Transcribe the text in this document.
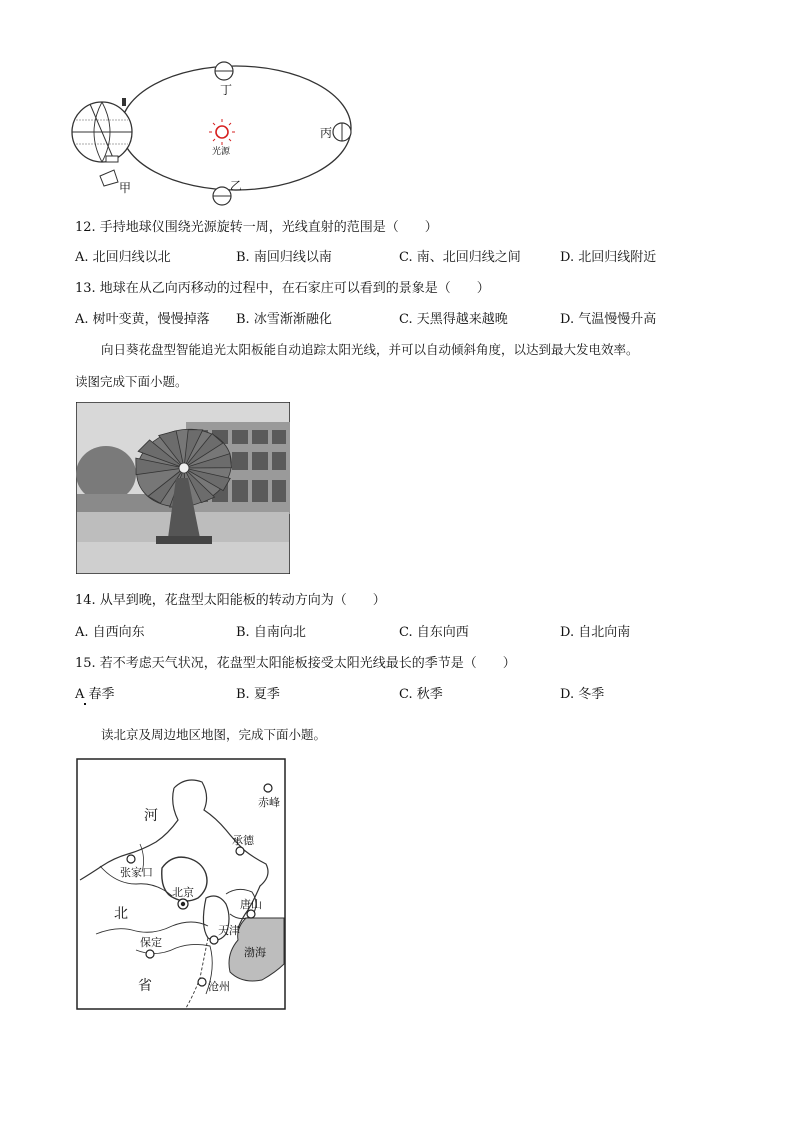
丁
丙
乙
光源
甲
12. 手持地球仪围绕光源旋转一周，光线直射的范围是（　　）
A. 北回归线以北	B. 南回归线以南	C. 南、北回归线之间	D. 北回归线附近
13. 地球在从乙向丙移动的过程中，在石家庄可以看到的景象是（　　）
A. 树叶变黄，慢慢掉落 B. 冰雪渐渐融化	C. 天黑得越来越晚	D. 气温慢慢升高
向日葵花盘型智能追光太阳板能自动追踪太阳光线，并可以自动倾斜角度，以达到最大发电效率。
读图完成下面小题。
14. 从早到晚，花盘型太阳能板的转动方向为（　　）
A. 自西向东	B. 自南向北	C. 自东向西	D. 自北向南
15. 若不考虑天气状况，花盘型太阳能板接受太阳光线最长的季节是（　　）
A 春季	B. 夏季	C. 秋季	D. 冬季
读北京及周边地区地图，完成下面小题。
赤峰
河
承德
张家口
北京
北
唐山
天津
保定
渤海
省	沧州
